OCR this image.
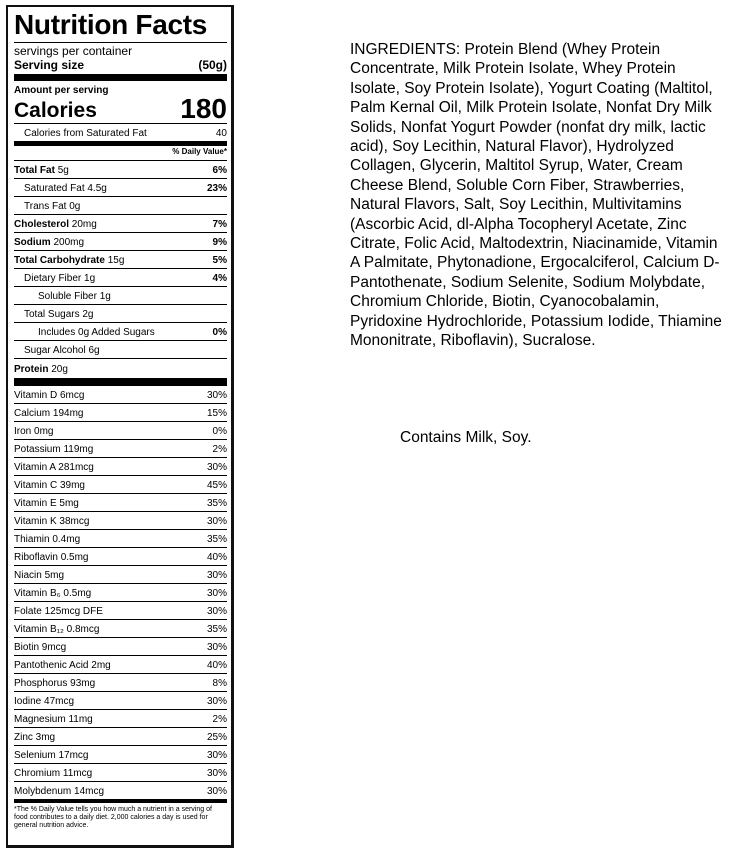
Nutrition Facts
servings per container
Serving size	(50g)
Amount per serving
Calories	180
Calories from Saturated Fat	40
% Daily Value*
Total Fat 5g	6%
Saturated Fat 4.5g	23%
Trans Fat 0g
Cholesterol 20mg	7%
Sodium 200mg	9%
Total Carbohydrate 15g	5%
Dietary Fiber 1g	4%
Soluble Fiber 1g
Total Sugars 2g
Includes 0g Added Sugars	0%
Sugar Alcohol 6g
Protein 20g
Vitamin D 6mcg	30%
Calcium 194mg	15%
Iron 0mg	0%
Potassium 119mg	2%
Vitamin A 281mcg	30%
Vitamin C 39mg	45%
Vitamin E 5mg	35%
Vitamin K 38mcg	30%
Thiamin 0.4mg	35%
Riboflavin 0.5mg	40%
Niacin 5mg	30%
Vitamin B₆ 0.5mg	30%
Folate 125mcg DFE	30%
Vitamin B₁₂ 0.8mcg	35%
Biotin 9mcg	30%
Pantothenic Acid 2mg	40%
Phosphorus 93mg	8%
Iodine 47mcg	30%
Magnesium 11mg	2%
Zinc 3mg	25%
Selenium 17mcg	30%
Chromium 11mcg	30%
Molybdenum 14mcg	30%
*The % Daily Value tells you how much a nutrient in a serving of food contributes to a daily diet. 2,000 calories a day is used for general nutrition advice.

INGREDIENTS: Protein Blend (Whey Protein Concentrate, Milk Protein Isolate, Whey Protein Isolate, Soy Protein Isolate), Yogurt Coating (Maltitol, Palm Kernal Oil, Milk Protein Isolate, Nonfat Dry Milk Solids, Nonfat Yogurt Powder (nonfat dry milk, lactic acid), Soy Lecithin, Natural Flavor), Hydrolyzed Collagen, Glycerin, Maltitol Syrup, Water, Cream Cheese Blend, Soluble Corn Fiber, Strawberries, Natural Flavors, Salt, Soy Lecithin, Multivitamins (Ascorbic Acid, dl-Alpha Tocopheryl Acetate, Zinc Citrate, Folic Acid, Maltodextrin, Niacinamide, Vitamin A Palmitate, Phytonadione, Ergocalciferol, Calcium D-Pantothenate, Sodium Selenite, Sodium Molybdate, Chromium Chloride, Biotin, Cyanocobalamin, Pyridoxine Hydrochloride, Potassium Iodide, Thiamine Mononitrate, Riboflavin), Sucralose.

Contains Milk, Soy.
